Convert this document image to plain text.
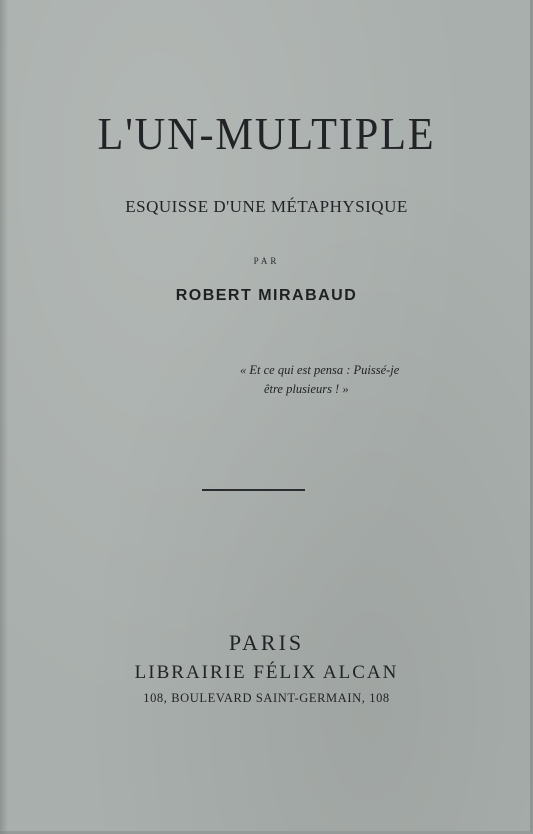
L'UN-MULTIPLE
ESQUISSE D'UNE MÉTAPHYSIQUE
PAR
ROBERT MIRABAUD
« Et ce qui est pensa : Puissé-je
être plusieurs ! »
PARIS
LIBRAIRIE FÉLIX ALCAN
108, BOULEVARD SAINT-GERMAIN, 108
